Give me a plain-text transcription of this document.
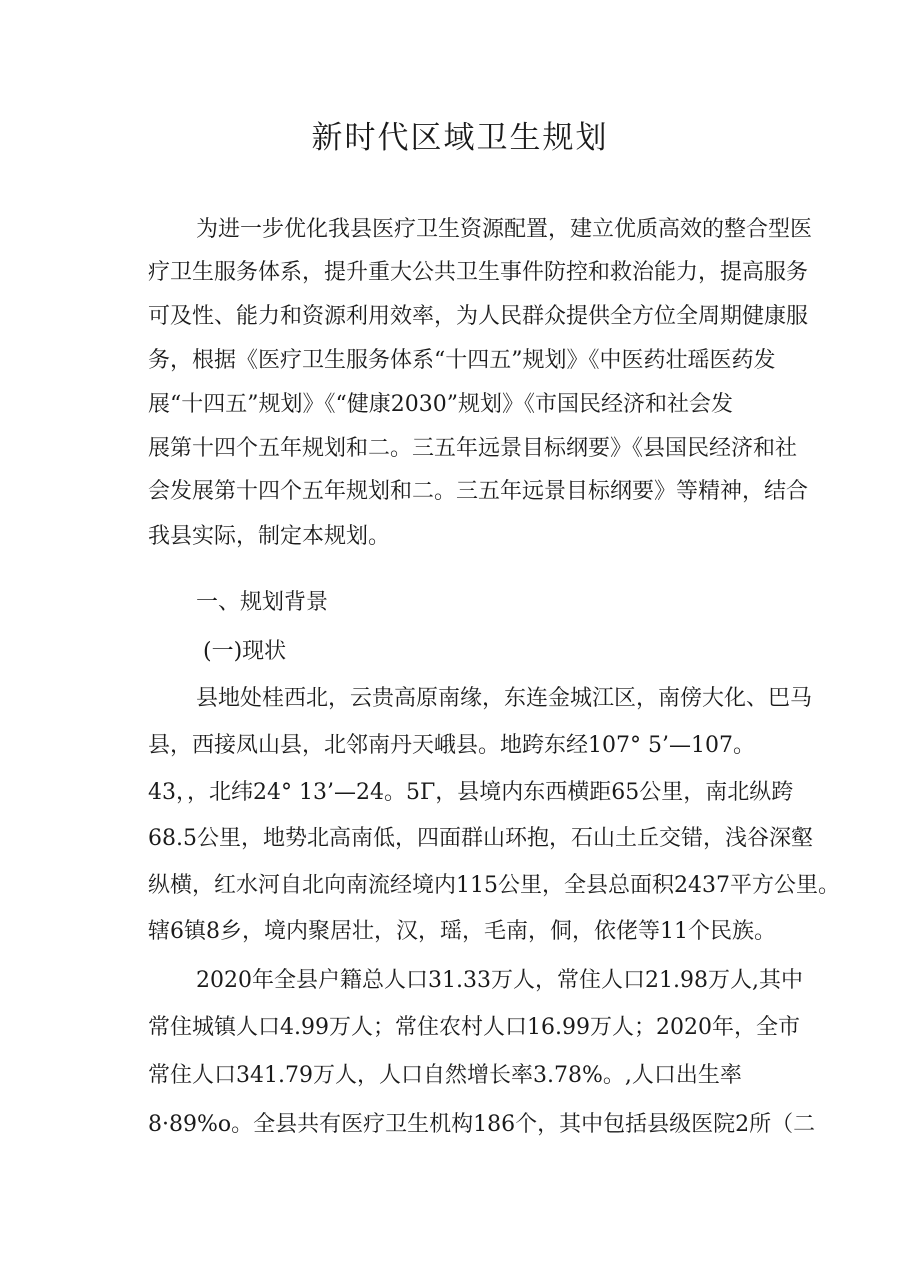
新时代区域卫生规划

为进一步优化我县医疗卫生资源配置，建立优质高效的整合型医

疗卫生服务体系，提升重大公共卫生事件防控和救治能力，提高服务

可及性、能力和资源利用效率，为人民群众提供全方位全周期健康服

务，根据《医疗卫生服务体系“十四五”规划》《中医药壮瑶医药发

展“十四五”规划》《“健康2030”规划》《市国民经济和社会发

展第十四个五年规划和二。三五年远景目标纲要》《县国民经济和社

会发展第十四个五年规划和二。三五年远景目标纲要》等精神，结合

我县实际，制定本规划。

一、规划背景

(一)现状

县地处桂西北，云贵高原南缘，东连金城江区，南傍大化、巴马

县，西接凤山县，北邻南丹天峨县。地跨东经107° 5’—107。

43，，北纬24° 13’—24。5Γ，县境内东西横距65公里，南北纵跨

68.5公里，地势北高南低，四面群山环抱，石山土丘交错，浅谷深壑

纵横，红水河自北向南流经境内115公里，全县总面积2437平方公里。

辖6镇8乡，境内聚居壮，汉，瑶，毛南，侗，依佬等11个民族。

2020年全县户籍总人口31.33万人，常住人口21.98万人,其中

常住城镇人口4.99万人；常住农村人口16.99万人；2020年，全市

常住人口341.79万人，人口自然增长率3.78%。,人口出生率

8·89%o。全县共有医疗卫生机构186个，其中包括县级医院2所（二
